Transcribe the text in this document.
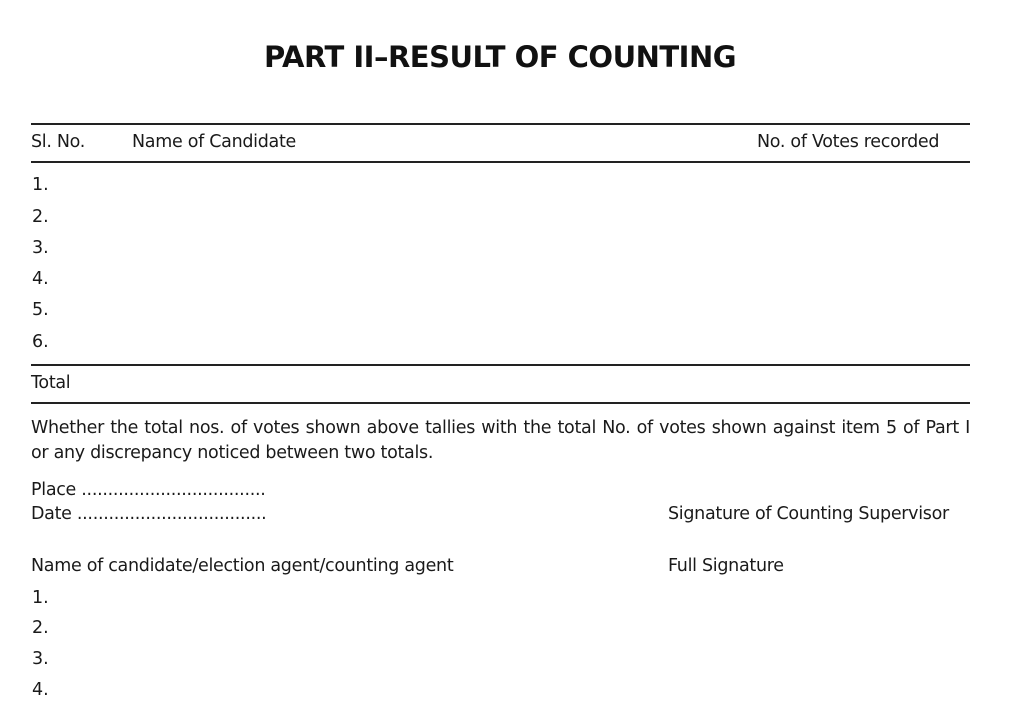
PART II–RESULT OF COUNTING
Sl. No.	Name of Candidate	No. of Votes recorded
1.
2.
3.
4.
5.
6.
Total
Whether the total nos. of votes shown above tallies with the total No. of votes shown against item 5 of Part I or any discrepancy noticed between two totals.
Place ...................................
Date ....................................	Signature of Counting Supervisor
Name of candidate/election agent/counting agent	Full Signature
1.
2.
3.
4.
